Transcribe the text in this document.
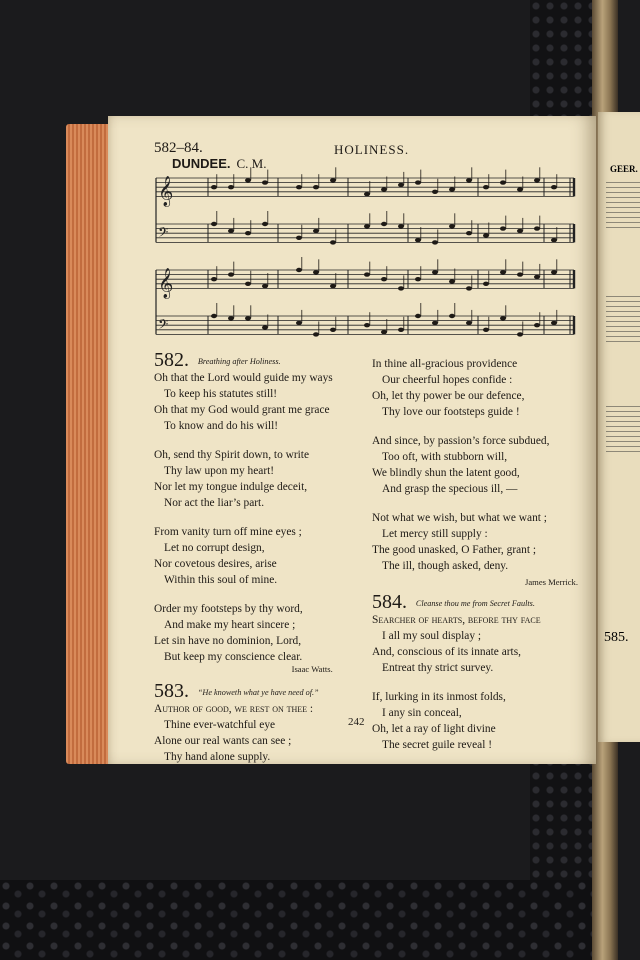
GEER.
585.
582–84.	HOLINESS.
DUNDEE. C. M.
𝄞
𝄢
𝄞
𝄢
582. Breathing after Holiness.
Oh that the Lord would guide my ways
To keep his statutes still!
Oh that my God would grant me grace
To know and do his will!
Oh, send thy Spirit down, to write
Thy law upon my heart!
Nor let my tongue indulge deceit,
Nor act the liar’s part.
From vanity turn off mine eyes ;
Let no corrupt design,
Nor covetous desires, arise
Within this soul of mine.
Order my footsteps by thy word,
And make my heart sincere ;
Let sin have no dominion, Lord,
But keep my conscience clear.
Isaac Watts.
583. “He knoweth what ye have need of.”
Author of good, we rest on thee :
Thine ever-watchful eye
Alone our real wants can see ;
Thy hand alone supply.
In thine all-gracious providence
Our cheerful hopes confide :
Oh, let thy power be our defence,
Thy love our footsteps guide !
And since, by passion’s force subdued,
Too oft, with stubborn will,
We blindly shun the latent good,
And grasp the specious ill, —
Not what we wish, but what we want ;
Let mercy still supply :
The good unasked, O Father, grant ;
The ill, though asked, deny.
James Merrick.
584. Cleanse thou me from Secret Faults.
Searcher of hearts, before thy face
I all my soul display ;
And, conscious of its innate arts,
Entreat thy strict survey.
If, lurking in its inmost folds,
I any sin conceal,
Oh, let a ray of light divine
The secret guile reveal !
242
